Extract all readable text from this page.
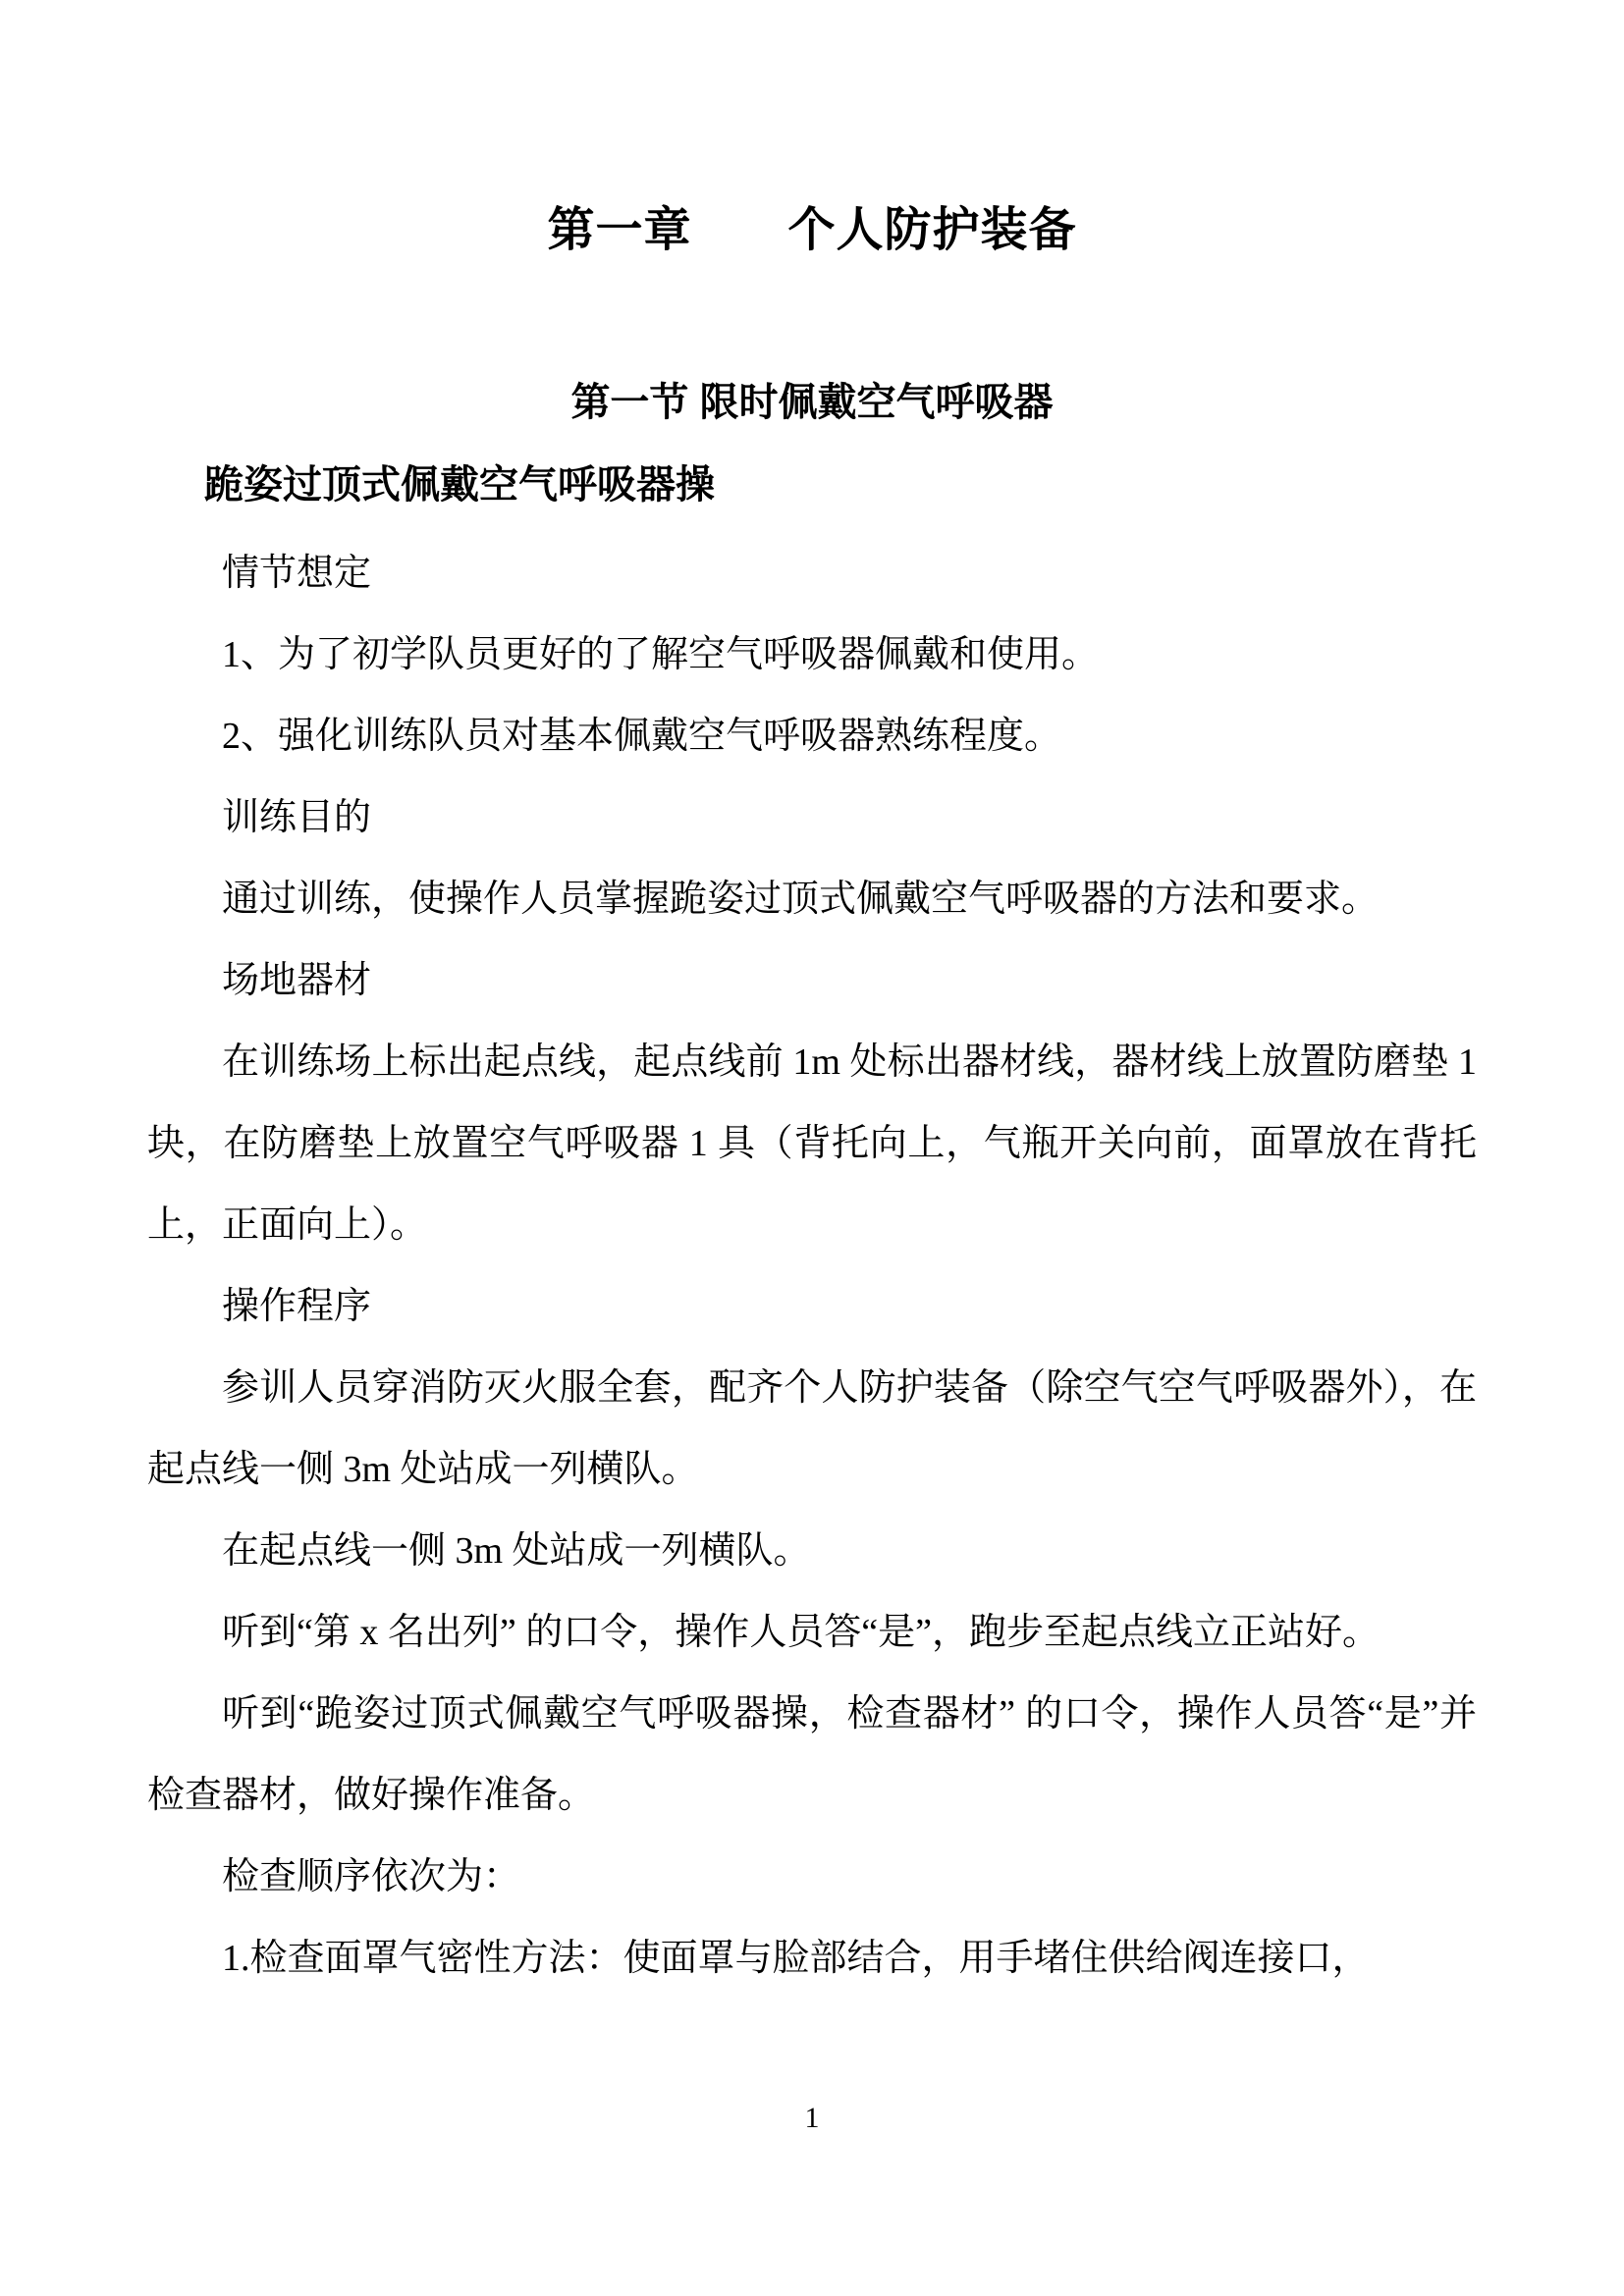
第一章　　个人防护装备
第一节 限时佩戴空气呼吸器
跪姿过顶式佩戴空气呼吸器操

情节想定

1、为了初学队员更好的了解空气呼吸器佩戴和使用。

2、强化训练队员对基本佩戴空气呼吸器熟练程度。

训练目的

通过训练，使操作人员掌握跪姿过顶式佩戴空气呼吸器的方法和要求。

场地器材

在训练场上标出起点线，起点线前 1m 处标出器材线，器材线上放置防磨垫 1 块，在防磨垫上放置空气呼吸器 1 具（背托向上，气瓶开关向前，面罩放在背托上，正面向上）。

操作程序

参训人员穿消防灭火服全套，配齐个人防护装备（除空气空气呼吸器外），在起点线一侧 3m 处站成一列横队。

在起点线一侧 3m 处站成一列横队。

听到“第 x 名出列” 的口令，操作人员答“是”，跑步至起点线立正站好。

听到“跪姿过顶式佩戴空气呼吸器操，检查器材” 的口令，操作人员答“是”并检查器材，做好操作准备。

检查顺序依次为：

1.检查面罩气密性方法：使面罩与脸部结合，用手堵住供给阀连接口，

1
